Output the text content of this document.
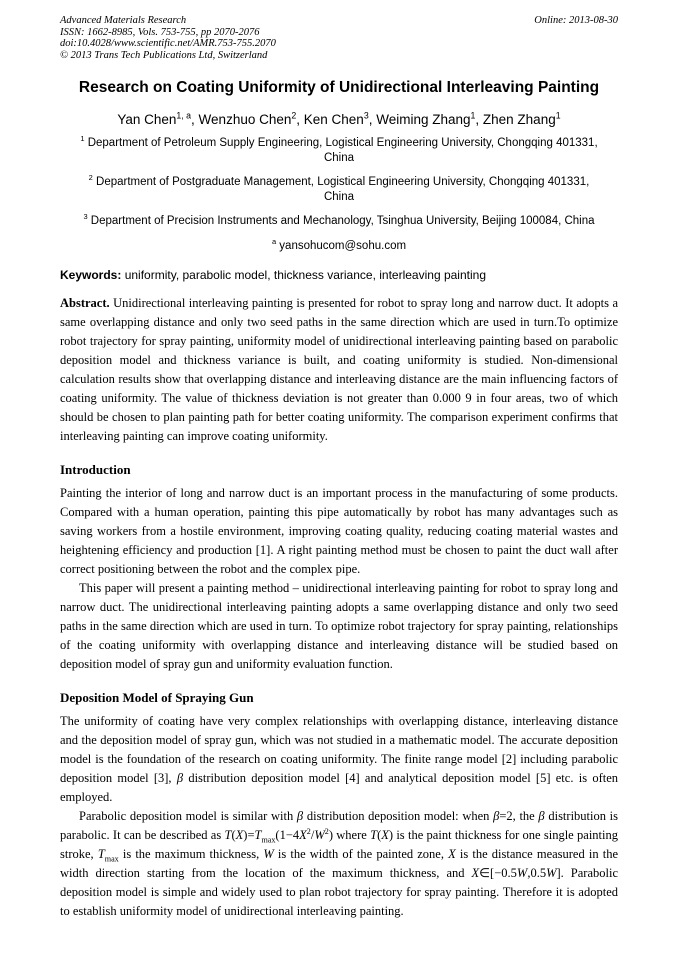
Advanced Materials Research
ISSN: 1662-8985, Vols. 753-755, pp 2070-2076
doi:10.4028/www.scientific.net/AMR.753-755.2070
© 2013 Trans Tech Publications Ltd, Switzerland
Online: 2013-08-30
Research on Coating Uniformity of Unidirectional Interleaving Painting
Yan Chen$^{1, a}$, Wenzhuo Chen$^2$, Ken Chen$^3$, Weiming Zhang$^1$, Zhen Zhang$^1$
$^1$ Department of Petroleum Supply Engineering, Logistical Engineering University, Chongqing 401331, China
$^2$ Department of Postgraduate Management, Logistical Engineering University, Chongqing 401331, China
$^3$ Department of Precision Instruments and Mechanology, Tsinghua University, Beijing 100084, China
$^a$ yansohucom@sohu.com
Keywords: uniformity, parabolic model, thickness variance, interleaving painting
Abstract. Unidirectional interleaving painting is presented for robot to spray long and narrow duct. It adopts a same overlapping distance and only two seed paths in the same direction which are used in turn.To optimize robot trajectory for spray painting, uniformity model of unidirectional interleaving painting based on parabolic deposition model and thickness variance is built, and coating uniformity is studied. Non-dimensional calculation results show that overlapping distance and interleaving distance are the main influencing factors of coating uniformity. The value of thickness deviation is not greater than 0.000 9 in four areas, two of which should be chosen to plan painting path for better coating uniformity. The comparison experiment confirms that interleaving painting can improve coating uniformity.
Introduction

Painting the interior of long and narrow duct is an important process in the manufacturing of some products. Compared with a human operation, painting this pipe automatically by robot has many advantages such as saving workers from a hostile environment, improving coating quality, reducing coating material wastes and heightening efficiency and production [1]. A right painting method must be chosen to paint the duct wall after correct positioning between the robot and the complex pipe.

This paper will present a painting method – unidirectional interleaving painting for robot to spray long and narrow duct. The unidirectional interleaving painting adopts a same overlapping distance and only two seed paths in the same direction which are used in turn. To optimize robot trajectory for spray painting, relationships of the coating uniformity with overlapping distance and interleaving distance will be studied based on deposition model of spray gun and uniformity evaluation function.

Deposition Model of Spraying Gun

The uniformity of coating have very complex relationships with overlapping distance, interleaving distance and the deposition model of spray gun, which was not studied in a mathematic model. The accurate deposition model is the foundation of the research on coating uniformity. The finite range model [2] including parabolic deposition model [3], β distribution deposition model [4] and analytical deposition model [5] etc. is often employed.

Parabolic deposition model is similar with β distribution deposition model: when β=2, the β distribution is parabolic. It can be described as $T(X)=T_{max}(1-4X^2/W^2)$ where T(X) is the paint thickness for one single painting stroke, $T_{max}$ is the maximum thickness, W is the width of the painted zone, X is the distance measured in the width direction starting from the location of the maximum thickness, and X∈[−0.5W,0.5W]. Parabolic deposition model is simple and widely used to plan robot trajectory for spray painting. Therefore it is adopted to establish uniformity model of unidirectional interleaving painting.
